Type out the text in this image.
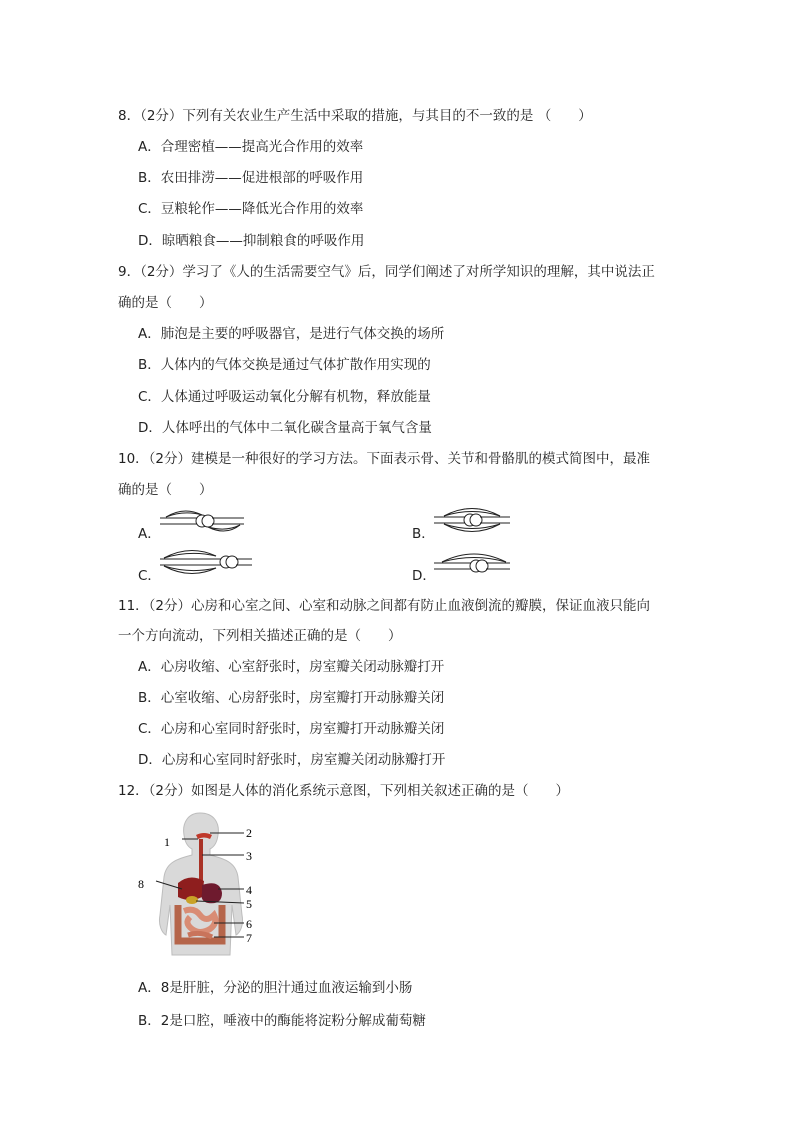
8．（2分）下列有关农业生产生活中采取的措施，与其目的不一致的是 （　　）
A．合理密植——提高光合作用的效率
B．农田排涝——促进根部的呼吸作用
C．豆粮轮作——降低光合作用的效率
D．晾晒粮食——抑制粮食的呼吸作用
9．（2分）学习了《人的生活需要空气》后，同学们阐述了对所学知识的理解，其中说法正
确的是（　　）
A．肺泡是主要的呼吸器官，是进行气体交换的场所
B．人体内的气体交换是通过气体扩散作用实现的
C．人体通过呼吸运动氧化分解有机物，释放能量
D．人体呼出的气体中二氧化碳含量高于氧气含量
10．（2分）建模是一种很好的学习方法。下面表示骨、关节和骨骼肌的模式简图中，最准
确的是（　　）
A．	B．
C．	D．
11．（2分）心房和心室之间、心室和动脉之间都有防止血液倒流的瓣膜，保证血液只能向
一个方向流动，下列相关描述正确的是（　　）
A．心房收缩、心室舒张时，房室瓣关闭动脉瓣打开
B．心室收缩、心房舒张时，房室瓣打开动脉瓣关闭
C．心房和心室同时舒张时，房室瓣打开动脉瓣关闭
D．心房和心室同时舒张时，房室瓣关闭动脉瓣打开
12．（2分）如图是人体的消化系统示意图，下列相关叙述正确的是（　　）
1
2
3
4
5
6
7
8
A．8是肝脏，分泌的胆汁通过血液运输到小肠
B．2是口腔，唾液中的酶能将淀粉分解成葡萄糖
